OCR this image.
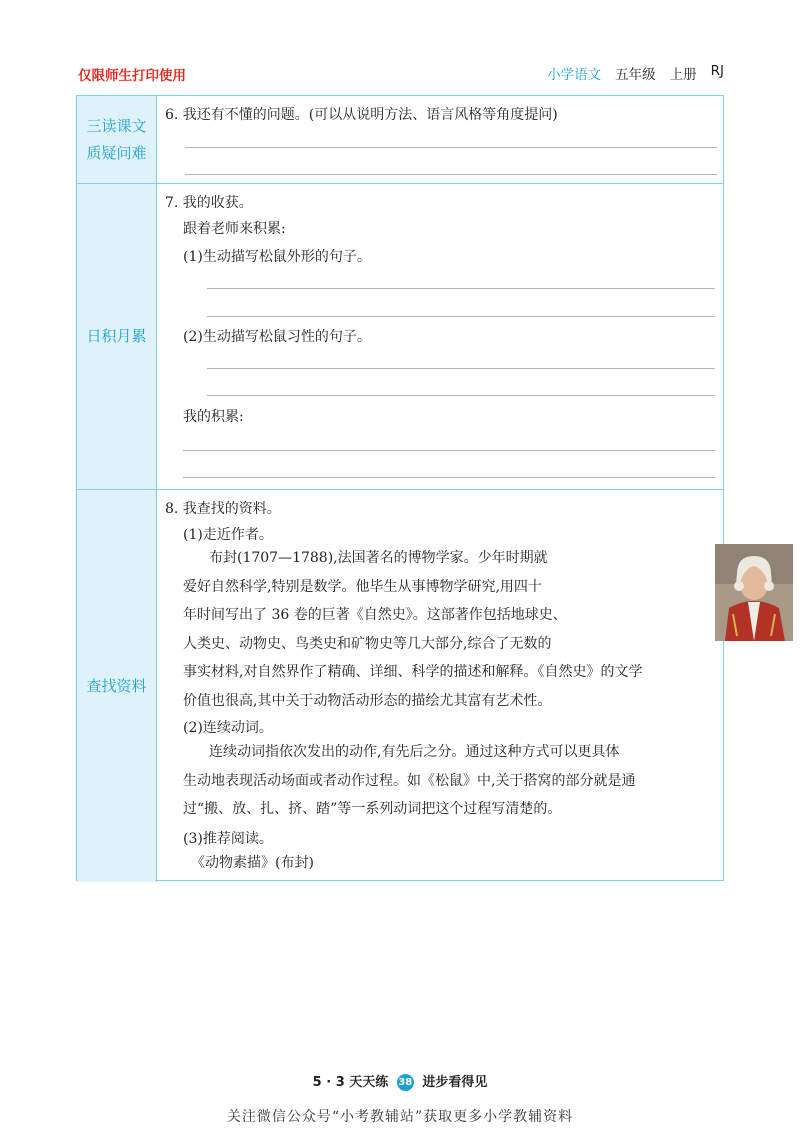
仅限师生打印使用	小学语文 五年级 上册 RJ
三读课文
质疑问难
6. 我还有不懂的问题。(可以从说明方法、语言风格等角度提问)
日积月累
7. 我的收获。
跟着老师来积累:
(1)生动描写松鼠外形的句子。
(2)生动描写松鼠习性的句子。
我的积累:
查找资料
8. 我查找的资料。
(1)走近作者。
布封(1707—1788),法国著名的博物学家。少年时期就
爱好自然科学,特别是数学。他毕生从事博物学研究,用四十
年时间写出了 36 卷的巨著《自然史》。这部著作包括地球史、
人类史、动物史、鸟类史和矿物史等几大部分,综合了无数的
事实材料,对自然界作了精确、详细、科学的描述和解释。《自然史》的文学
价值也很高,其中关于动物活动形态的描绘尤其富有艺术性。
(2)连续动词。
连续动词指依次发出的动作,有先后之分。通过这种方式可以更具体
生动地表现活动场面或者动作过程。如《松鼠》中,关于搭窝的部分就是通
过“搬、放、扎、挤、踏”等一系列动词把这个过程写清楚的。
(3)推荐阅读。
《动物素描》(布封)
5 · 3 天天练 38 进步看得见
关注微信公众号“小考教辅站”获取更多小学教辅资料
